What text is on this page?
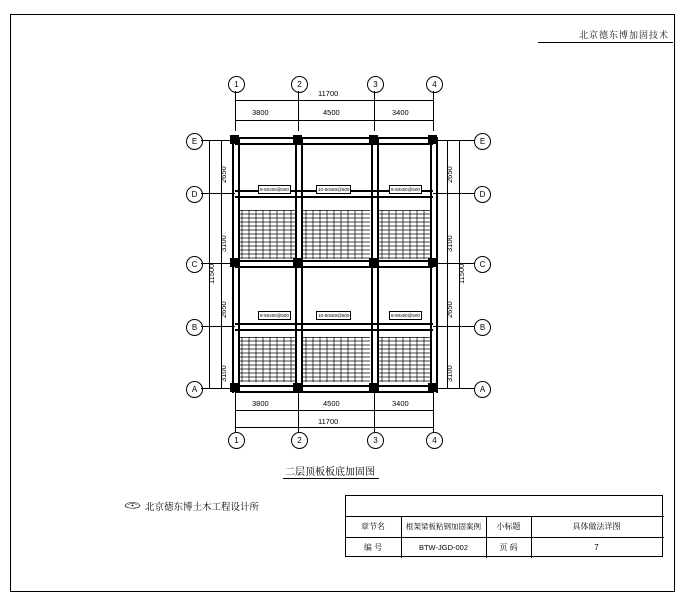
北京德东博加固技术
1	2	3	4
1	2	3	4
E
D
C
B
A
E
D
C
B
A
11700
3800	4500	3400
3800	4500	3400
11700
2650
3100
2650
3100
11500
2650
3100
2650
3100
11500
8-50x50@500	10-50x50@500	8-50x50@500
8-50x50@500	10-50x50@500	8-50x50@500
二层顶板板底加固图
北京德东博土木工程设计所
章节名	框架梁板粘钢加固案例	小标题	具体做法详图
编 号	BTW-JGD-002	页 码	7
